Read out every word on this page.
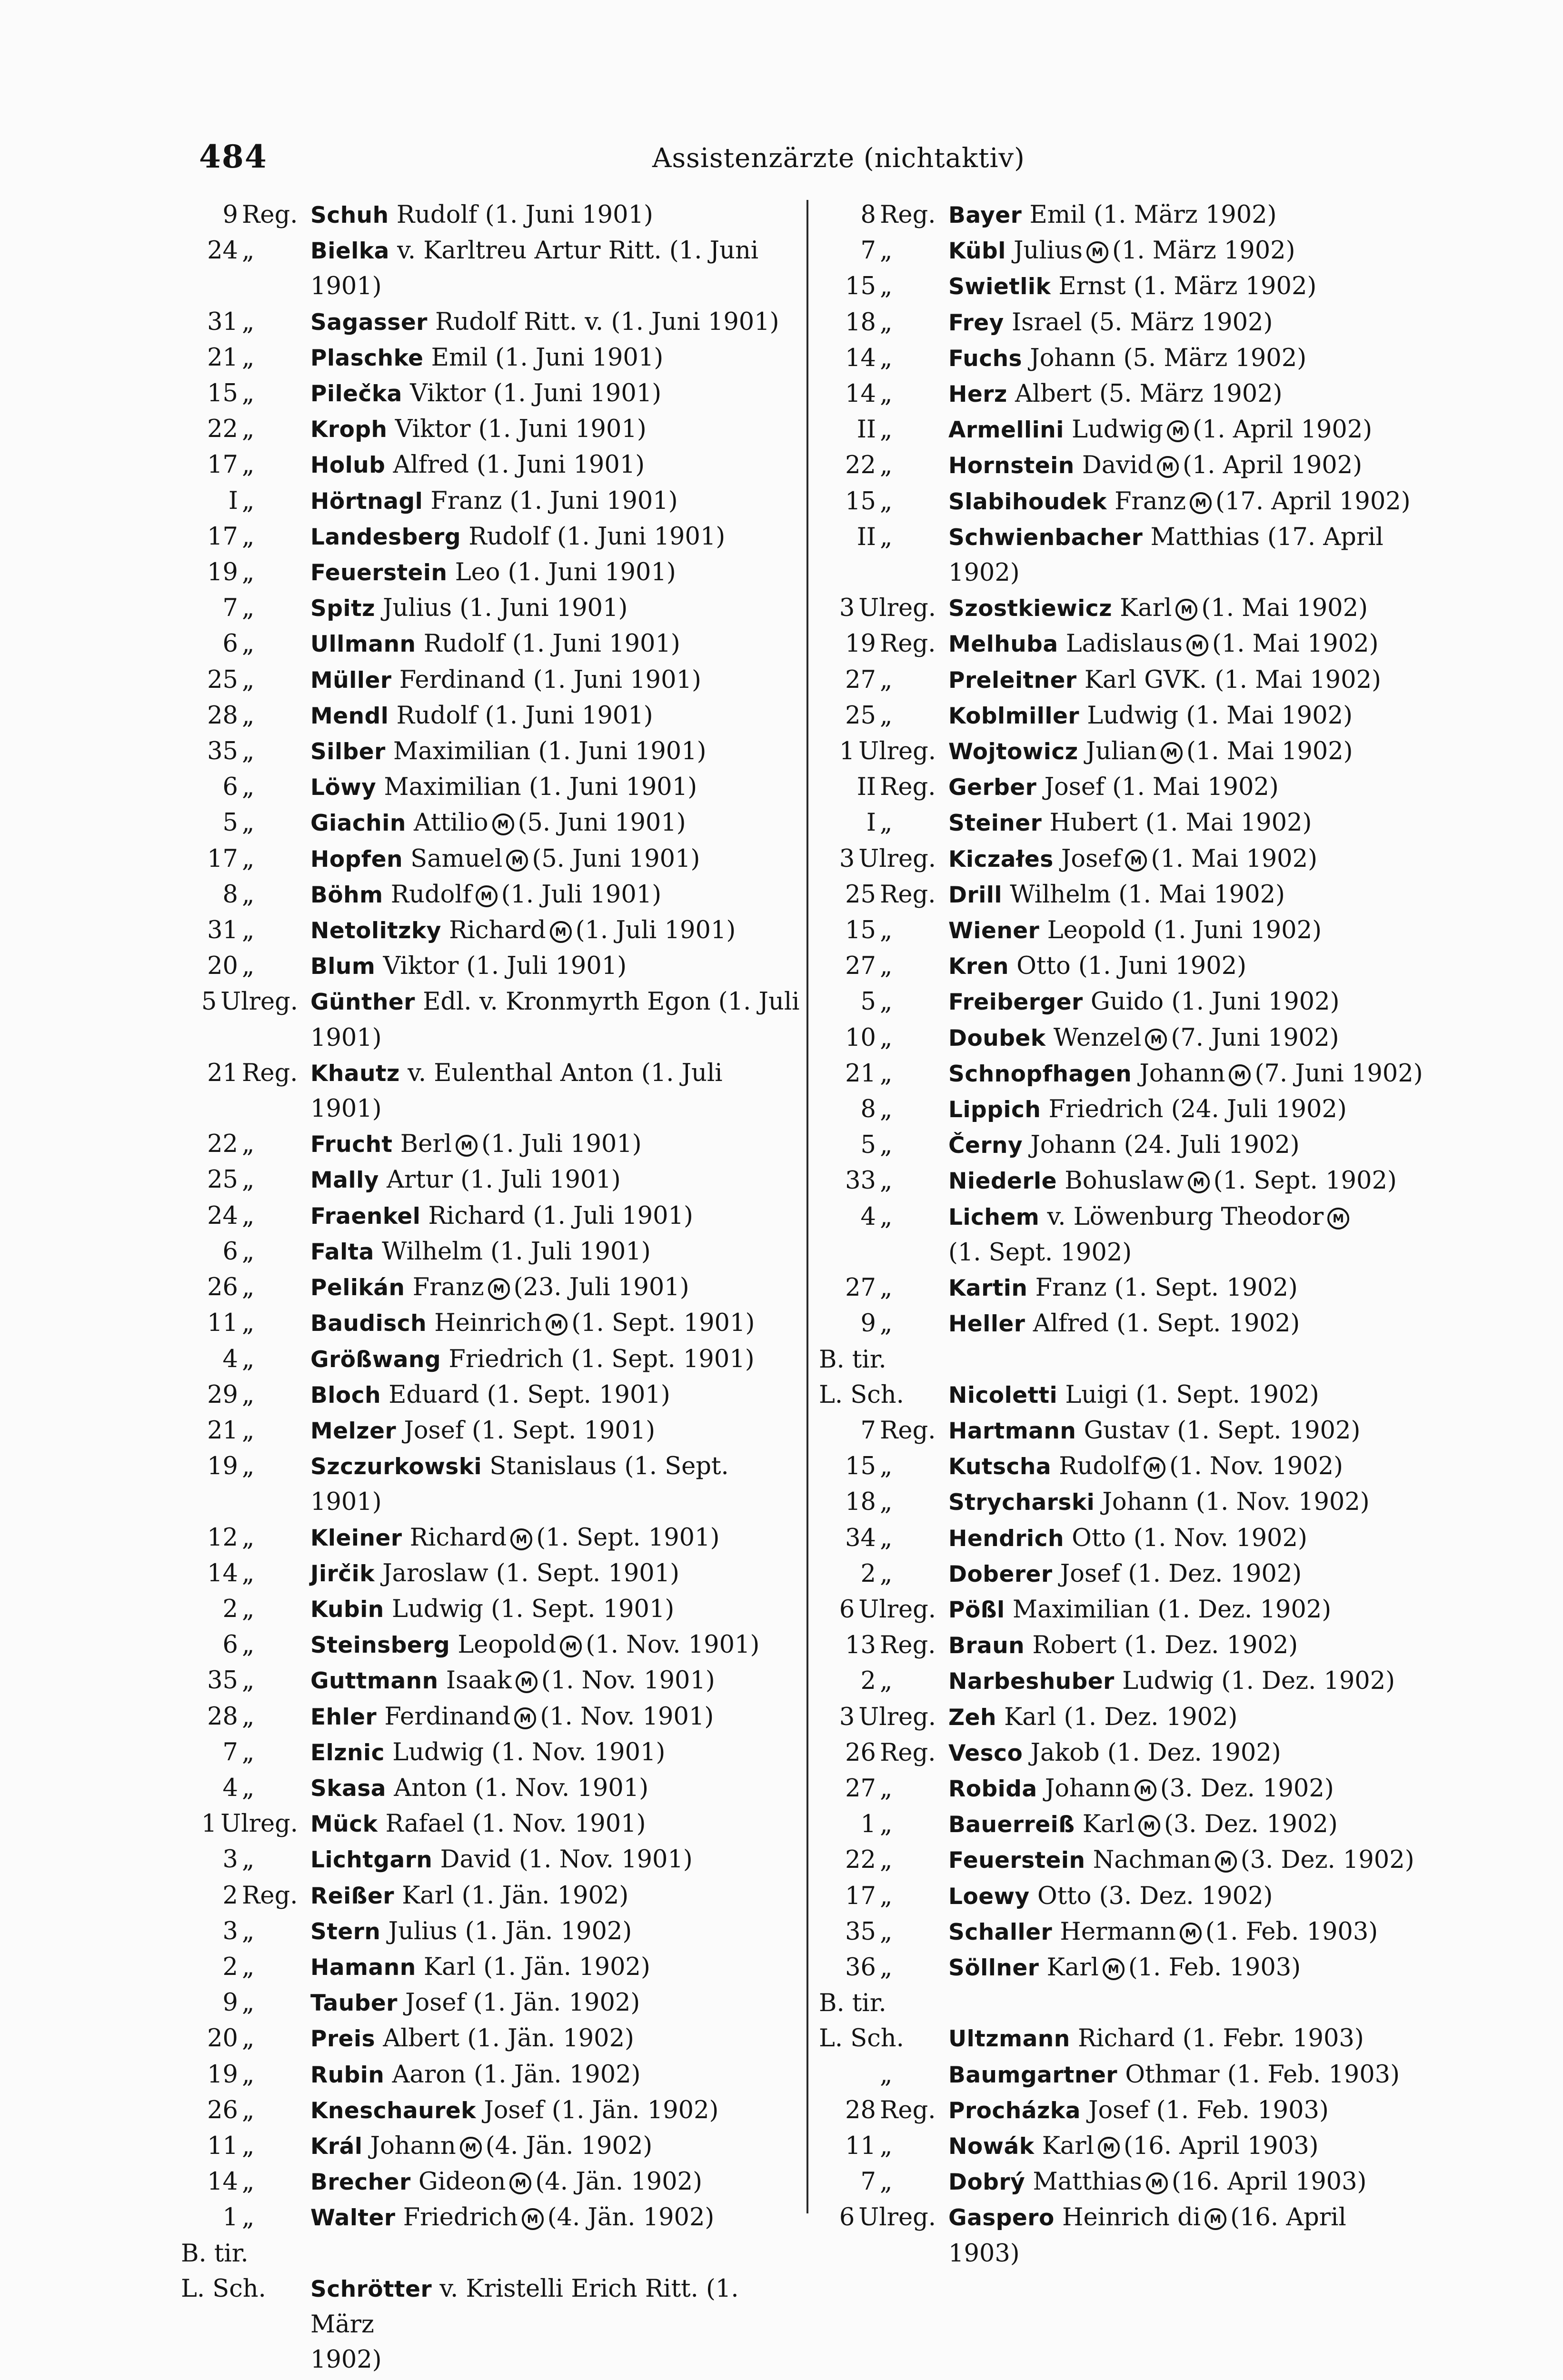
484	Assistenzärzte (nichtaktiv)
9 Reg. Schuh Rudolf (1. Juni 1901)
24 „	Bielka v. Karltreu Artur Ritt. (1. Juni 1901)
31 „	Sagasser Rudolf Ritt. v. (1. Juni 1901)
21 „	Plaschke Emil (1. Juni 1901)
15 „	Pilečka Viktor (1. Juni 1901)
22 „	Kroph Viktor (1. Juni 1901)
17 „	Holub Alfred (1. Juni 1901)
I „	Hörtnagl Franz (1. Juni 1901)
17 „	Landesberg Rudolf (1. Juni 1901)
19 „	Feuerstein Leo (1. Juni 1901)
7 „	Spitz Julius (1. Juni 1901)
6 „	Ullmann Rudolf (1. Juni 1901)
25 „	Müller Ferdinand (1. Juni 1901)
28 „	Mendl Rudolf (1. Juni 1901)
35 „	Silber Maximilian (1. Juni 1901)
6 „	Löwy Maximilian (1. Juni 1901)
5 „	Giachin Attilio M (5. Juni 1901)
17 „	Hopfen Samuel M (5. Juni 1901)
8 „	Böhm Rudolf M (1. Juli 1901)
31 „	Netolitzky Richard M (1. Juli 1901)
20 „	Blum Viktor (1. Juli 1901)
5 Ulreg. Günther Edl. v. Kronmyrth Egon (1. Juli
1901)
21 Reg. Khautz v. Eulenthal Anton (1. Juli 1901)
22 „	Frucht Berl M (1. Juli 1901)
25 „	Mally Artur (1. Juli 1901)
24 „	Fraenkel Richard (1. Juli 1901)
6 „	Falta Wilhelm (1. Juli 1901)
26 „	Pelikán Franz M (23. Juli 1901)
11 „	Baudisch Heinrich M (1. Sept. 1901)
4 „	Größwang Friedrich (1. Sept. 1901)
29 „	Bloch Eduard (1. Sept. 1901)
21 „	Melzer Josef (1. Sept. 1901)
19 „	Szczurkowski Stanislaus (1. Sept. 1901)
12 „	Kleiner Richard M (1. Sept. 1901)
14 „	Jirčik Jaroslaw (1. Sept. 1901)
2 „	Kubin Ludwig (1. Sept. 1901)
6 „	Steinsberg Leopold M (1. Nov. 1901)
35 „	Guttmann Isaak M (1. Nov. 1901)
28 „	Ehler Ferdinand M (1. Nov. 1901)
7 „	Elznic Ludwig (1. Nov. 1901)
4 „	Skasa Anton (1. Nov. 1901)
1 Ulreg. Mück Rafael (1. Nov. 1901)
3 „	Lichtgarn David (1. Nov. 1901)
2 Reg. Reißer Karl (1. Jän. 1902)
3 „	Stern Julius (1. Jän. 1902)
2 „	Hamann Karl (1. Jän. 1902)
9 „	Tauber Josef (1. Jän. 1902)
20 „	Preis Albert (1. Jän. 1902)
19 „	Rubin Aaron (1. Jän. 1902)
26 „	Kneschaurek Josef (1. Jän. 1902)
11 „	Král Johann M (4. Jän. 1902)
14 „	Brecher Gideon M (4. Jän. 1902)
1 „	Walter Friedrich M (4. Jän. 1902)
B. tir.
L. Sch.	Schrötter v. Kristelli Erich Ritt. (1. März
1902)
8 Reg. Bayer Emil (1. März 1902)
7 „	Kübl Julius M (1. März 1902)
15 „	Swietlik Ernst (1. März 1902)
18 „	Frey Israel (5. März 1902)
14 „	Fuchs Johann (5. März 1902)
14 „	Herz Albert (5. März 1902)
II „	Armellini Ludwig M (1. April 1902)
22 „	Hornstein David M (1. April 1902)
15 „	Slabihoudek Franz M (17. April 1902)
II „	Schwienbacher Matthias (17. April 1902)
3 Ulreg. Szostkiewicz Karl M (1. Mai 1902)
19 Reg. Melhuba Ladislaus M (1. Mai 1902)
27 „	Preleitner Karl GVK. (1. Mai 1902)
25 „	Koblmiller Ludwig (1. Mai 1902)
1 Ulreg. Wojtowicz Julian M (1. Mai 1902)
II Reg. Gerber Josef (1. Mai 1902)
I „	Steiner Hubert (1. Mai 1902)
3 Ulreg. Kiczałes Josef M (1. Mai 1902)
25 Reg. Drill Wilhelm (1. Mai 1902)
15 „	Wiener Leopold (1. Juni 1902)
27 „	Kren Otto (1. Juni 1902)
5 „	Freiberger Guido (1. Juni 1902)
10 „	Doubek Wenzel M (7. Juni 1902)
21 „	Schnopfhagen Johann M (7. Juni 1902)
8 „	Lippich Friedrich (24. Juli 1902)
5 „	Černy Johann (24. Juli 1902)
33 „	Niederle Bohuslaw M (1. Sept. 1902)
4 „	Lichem v. Löwenburg Theodor M
(1. Sept. 1902)
27 „	Kartin Franz (1. Sept. 1902)
9 „	Heller Alfred (1. Sept. 1902)
B. tir.
L. Sch.	Nicoletti Luigi (1. Sept. 1902)
7 Reg. Hartmann Gustav (1. Sept. 1902)
15 „	Kutscha Rudolf M (1. Nov. 1902)
18 „	Strycharski Johann (1. Nov. 1902)
34 „	Hendrich Otto (1. Nov. 1902)
2 „	Doberer Josef (1. Dez. 1902)
6 Ulreg. Pößl Maximilian (1. Dez. 1902)
13 Reg. Braun Robert (1. Dez. 1902)
2 „	Narbeshuber Ludwig (1. Dez. 1902)
3 Ulreg. Zeh Karl (1. Dez. 1902)
26 Reg. Vesco Jakob (1. Dez. 1902)
27 „	Robida Johann M (3. Dez. 1902)
1 „	Bauerreiß Karl M (3. Dez. 1902)
22 „	Feuerstein Nachman M (3. Dez. 1902)
17 „	Loewy Otto (3. Dez. 1902)
35 „	Schaller Hermann M (1. Feb. 1903)
36 „	Söllner Karl M (1. Feb. 1903)
B. tir.
L. Sch.	Ultzmann Richard (1. Febr. 1903)
„	Baumgartner Othmar (1. Feb. 1903)
28 Reg. Procházka Josef (1. Feb. 1903)
11 „	Nowák Karl M (16. April 1903)
7 „	Dobrý Matthias M (16. April 1903)
6 Ulreg. Gaspero Heinrich di M (16. April
1903)
